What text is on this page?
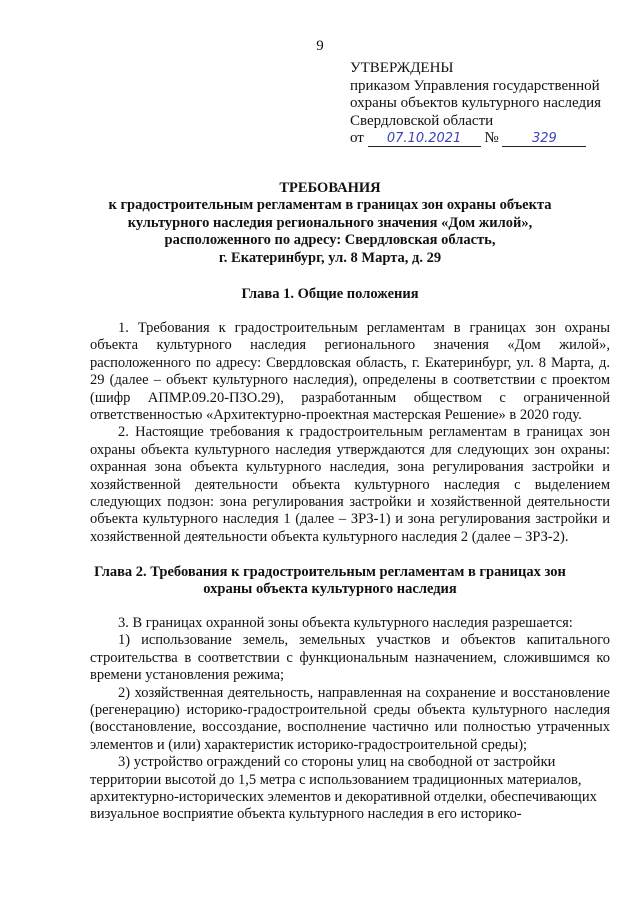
9
УТВЕРЖДЕНЫ
приказом Управления государственной
охраны объектов культурного наследия
Свердловской области
от 07.10.2021 №	329
ТРЕБОВАНИЯ
к градостроительным регламентам в границах зон охраны объекта
культурного наследия регионального значения «Дом жилой»,
расположенного по адресу: Свердловская область,
г. Екатеринбург, ул. 8 Марта, д. 29
Глава 1. Общие положения

1. Требования к градостроительным регламентам в границах зон охраны объекта культурного наследия регионального значения «Дом жилой», расположенного по адресу: Свердловская область, г. Екатеринбург, ул. 8 Марта, д. 29 (далее – объект культурного наследия), определены в соответствии с проектом (шифр АПМР.09.20-ПЗО.29), разработанным обществом с ограниченной ответственностью «Архитектурно-проектная мастерская Решение» в 2020 году.

2. Настоящие требования к градостроительным регламентам в границах зон охраны объекта культурного наследия утверждаются для следующих зон охраны: охранная зона объекта культурного наследия, зона регулирования застройки и хозяйственной деятельности объекта культурного наследия с выделением следующих подзон: зона регулирования застройки и хозяйственной деятельности объекта культурного наследия 1 (далее – ЗРЗ-1) и зона регулирования застройки и хозяйственной деятельности объекта культурного наследия 2 (далее – ЗРЗ-2).

Глава 2. Требования к градостроительным регламентам в границах зон
охраны объекта культурного наследия

3. В границах охранной зоны объекта культурного наследия разрешается:

1) использование земель, земельных участков и объектов капитального строительства в соответствии с функциональным назначением, сложившимся ко времени установления режима;

2) хозяйственная деятельность, направленная на сохранение и восстановление (регенерацию) историко-градостроительной среды объекта культурного наследия (восстановление, воссоздание, восполнение частично или полностью утраченных элементов и (или) характеристик историко-градостроительной среды);

3) устройство ограждений со стороны улиц на свободной от застройки территории высотой до 1,5 метра с использованием традиционных материалов, архитектурно-исторических элементов и декоративной отделки, обеспечивающих визуальное восприятие объекта культурного наследия в его историко-
